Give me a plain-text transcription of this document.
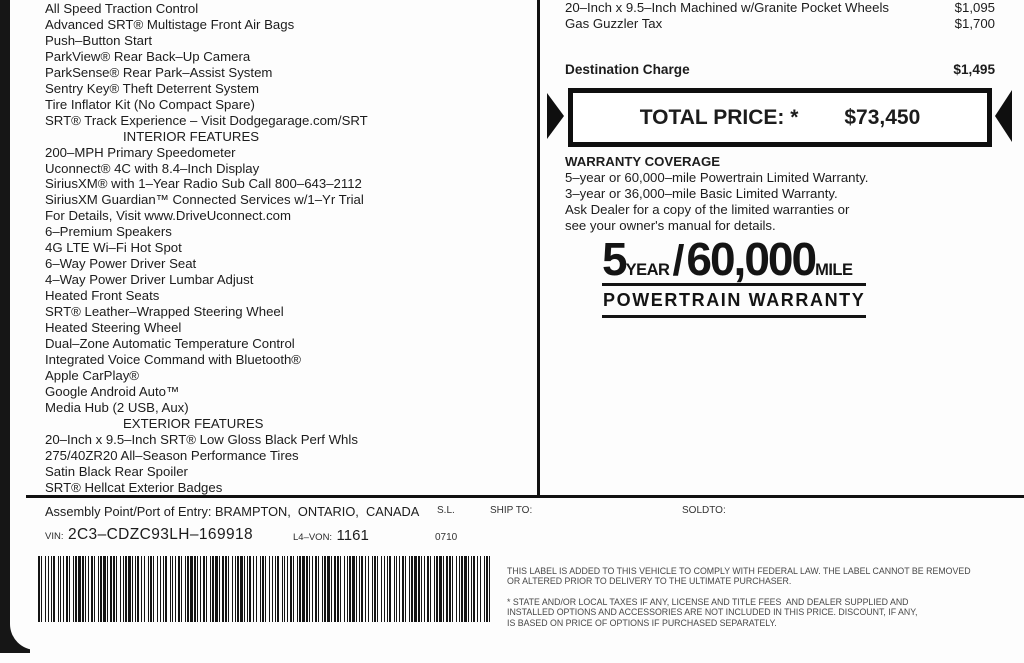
All Speed Traction Control
Advanced SRT® Multistage Front Air Bags
Push–Button Start
ParkView® Rear Back–Up Camera
ParkSense® Rear Park–Assist System
Sentry Key® Theft Deterrent System
Tire Inflator Kit (No Compact Spare)
SRT® Track Experience – Visit Dodgegarage.com/SRT
INTERIOR FEATURES
200–MPH Primary Speedometer
Uconnect® 4C with 8.4–Inch Display
SiriusXM® with 1–Year Radio Sub Call 800–643–2112
SiriusXM Guardian™ Connected Services w/1–Yr Trial
For Details, Visit www.DriveUconnect.com
6–Premium Speakers
4G LTE Wi–Fi Hot Spot
6–Way Power Driver Seat
4–Way Power Driver Lumbar Adjust
Heated Front Seats
SRT® Leather–Wrapped Steering Wheel
Heated Steering Wheel
Dual–Zone Automatic Temperature Control
Integrated Voice Command with Bluetooth®
Apple CarPlay®
Google Android Auto™
Media Hub (2 USB, Aux)
EXTERIOR FEATURES
20–Inch x 9.5–Inch SRT® Low Gloss Black Perf Whls
275/40ZR20 All–Season Performance Tires
Satin Black Rear Spoiler
SRT® Hellcat Exterior Badges
20–Inch x 9.5–Inch Machined w/Granite Pocket Wheels	$1,095
Gas Guzzler Tax	$1,700
Destination Charge	$1,495
TOTAL PRICE: * $73,450
WARRANTY COVERAGE
5–year or 60,000–mile Powertrain Limited Warranty.
3–year or 36,000–mile Basic Limited Warranty.
Ask Dealer for a copy of the limited warranties or
see your owner's manual for details.
5 YEAR / 60,000 MILE
POWERTRAIN WARRANTY
Assembly Point/Port of Entry: BRAMPTON,  ONTARIO,  CANADA S.L.	SHIP TO:	SOLDTO:
VIN: 2C3–CDZC93LH–169918	L4–VON: 1161	0710
THIS LABEL IS ADDED TO THIS VEHICLE TO COMPLY WITH FEDERAL LAW. THE LABEL CANNOT BE REMOVED
OR ALTERED PRIOR TO DELIVERY TO THE ULTIMATE PURCHASER.
* STATE AND/OR LOCAL TAXES IF ANY, LICENSE AND TITLE FEES  AND DEALER SUPPLIED AND
INSTALLED OPTIONS AND ACCESSORIES ARE NOT INCLUDED IN THIS PRICE. DISCOUNT, IF ANY,
IS BASED ON PRICE OF OPTIONS IF PURCHASED SEPARATELY.
